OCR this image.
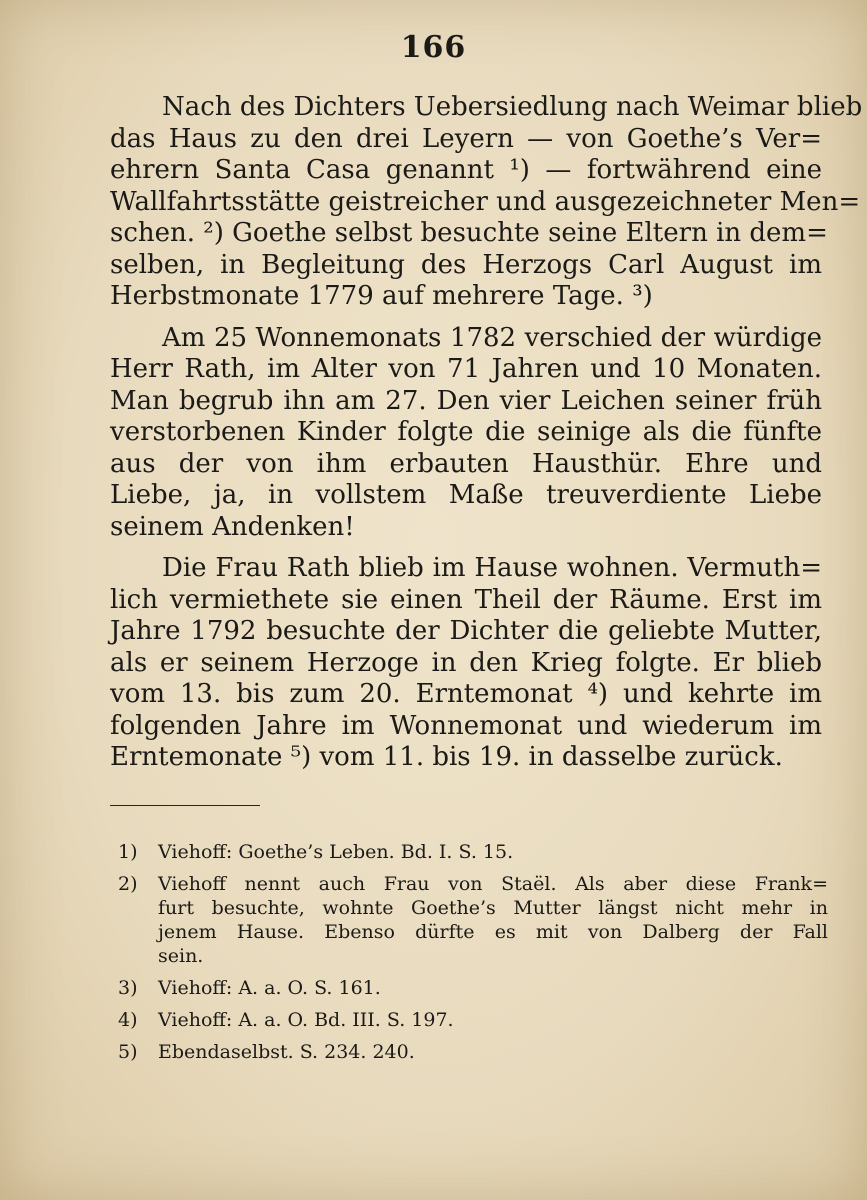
166

Nach des Dichters Uebersiedlung nach Weimar blieb
das Haus zu den drei Leyern — von Goethe’s Ver=
ehrern Santa Casa genannt ¹) — fortwährend eine
Wallfahrtsstätte geistreicher und ausgezeichneter Men=
schen. ²) Goethe selbst besuchte seine Eltern in dem=
selben, in Begleitung des Herzogs Carl August im
Herbstmonate 1779 auf mehrere Tage. ³)

Am 25 Wonnemonats 1782 verschied der würdige
Herr Rath, im Alter von 71 Jahren und 10 Monaten.
Man begrub ihn am 27. Den vier Leichen seiner früh
verstorbenen Kinder folgte die seinige als die fünfte
aus der von ihm erbauten Hausthür. Ehre und
Liebe, ja, in vollstem Maße treuverdiente Liebe
seinem Andenken!

Die Frau Rath blieb im Hause wohnen. Vermuth=
lich vermiethete sie einen Theil der Räume. Erst im
Jahre 1792 besuchte der Dichter die geliebte Mutter,
als er seinem Herzoge in den Krieg folgte. Er blieb
vom 13. bis zum 20. Erntemonat ⁴) und kehrte im
folgenden Jahre im Wonnemonat und wiederum im
Erntemonate ⁵) vom 11. bis 19. in dasselbe zurück.

1) Viehoff: Goethe’s Leben. Bd. I. S. 15.
2) Viehoff nennt auch Frau von Staël. Als aber diese Frank=
furt besuchte, wohnte Goethe’s Mutter längst nicht mehr in
jenem Hause. Ebenso dürfte es mit von Dalberg der Fall
sein.
3) Viehoff: A. a. O. S. 161.
4) Viehoff: A. a. O. Bd. III. S. 197.
5) Ebendaselbst. S. 234. 240.
